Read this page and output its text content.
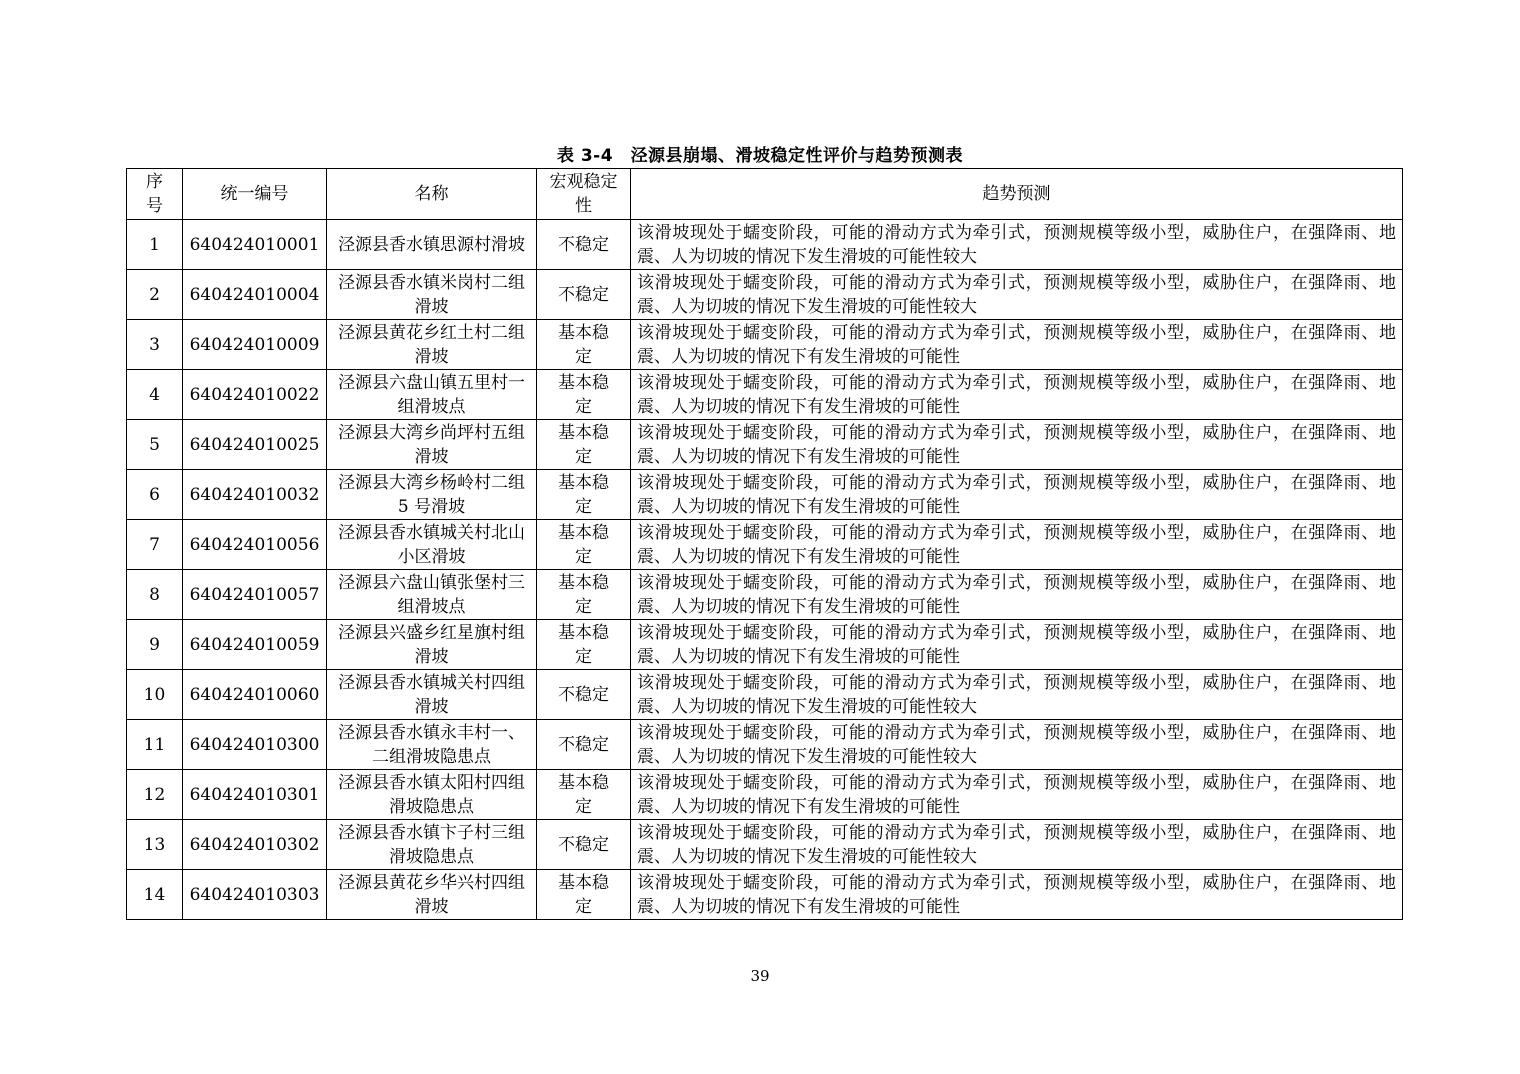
表 3-4　泾源县崩塌、滑坡稳定性评价与趋势预测表
序号	统一编号	名称	宏观稳定性	趋势预测
1	640424010001	泾源县香水镇思源村滑坡	不稳定	该滑坡现处于蠕变阶段，可能的滑动方式为牵引式，预测规模等级小型，威胁住户，在强降雨、地震、人为切坡的情况下发生滑坡的可能性较大
2	640424010004	泾源县香水镇米岗村二组滑坡	不稳定	该滑坡现处于蠕变阶段，可能的滑动方式为牵引式，预测规模等级小型，威胁住户，在强降雨、地震、人为切坡的情况下发生滑坡的可能性较大
3	640424010009	泾源县黄花乡红土村二组滑坡	基本稳定	该滑坡现处于蠕变阶段，可能的滑动方式为牵引式，预测规模等级小型，威胁住户，在强降雨、地震、人为切坡的情况下有发生滑坡的可能性
4	640424010022	泾源县六盘山镇五里村一组滑坡点	基本稳定	该滑坡现处于蠕变阶段，可能的滑动方式为牵引式，预测规模等级小型，威胁住户，在强降雨、地震、人为切坡的情况下有发生滑坡的可能性
5	640424010025	泾源县大湾乡尚坪村五组滑坡	基本稳定	该滑坡现处于蠕变阶段，可能的滑动方式为牵引式，预测规模等级小型，威胁住户，在强降雨、地震、人为切坡的情况下有发生滑坡的可能性
6	640424010032	泾源县大湾乡杨岭村二组 5 号滑坡	基本稳定	该滑坡现处于蠕变阶段，可能的滑动方式为牵引式，预测规模等级小型，威胁住户，在强降雨、地震、人为切坡的情况下有发生滑坡的可能性
7	640424010056	泾源县香水镇城关村北山小区滑坡	基本稳定	该滑坡现处于蠕变阶段，可能的滑动方式为牵引式，预测规模等级小型，威胁住户，在强降雨、地震、人为切坡的情况下有发生滑坡的可能性
8	640424010057	泾源县六盘山镇张堡村三组滑坡点	基本稳定	该滑坡现处于蠕变阶段，可能的滑动方式为牵引式，预测规模等级小型，威胁住户，在强降雨、地震、人为切坡的情况下有发生滑坡的可能性
9	640424010059	泾源县兴盛乡红星旗村组滑坡	基本稳定	该滑坡现处于蠕变阶段，可能的滑动方式为牵引式，预测规模等级小型，威胁住户，在强降雨、地震、人为切坡的情况下有发生滑坡的可能性
10	640424010060	泾源县香水镇城关村四组滑坡	不稳定	该滑坡现处于蠕变阶段，可能的滑动方式为牵引式，预测规模等级小型，威胁住户，在强降雨、地震、人为切坡的情况下发生滑坡的可能性较大
11	640424010300	泾源县香水镇永丰村一、二组滑坡隐患点	不稳定	该滑坡现处于蠕变阶段，可能的滑动方式为牵引式，预测规模等级小型，威胁住户，在强降雨、地震、人为切坡的情况下发生滑坡的可能性较大
12	640424010301	泾源县香水镇太阳村四组滑坡隐患点	基本稳定	该滑坡现处于蠕变阶段，可能的滑动方式为牵引式，预测规模等级小型，威胁住户，在强降雨、地震、人为切坡的情况下有发生滑坡的可能性
13	640424010302	泾源县香水镇卞子村三组滑坡隐患点	不稳定	该滑坡现处于蠕变阶段，可能的滑动方式为牵引式，预测规模等级小型，威胁住户，在强降雨、地震、人为切坡的情况下发生滑坡的可能性较大
14	640424010303	泾源县黄花乡华兴村四组滑坡	基本稳定	该滑坡现处于蠕变阶段，可能的滑动方式为牵引式，预测规模等级小型，威胁住户，在强降雨、地震、人为切坡的情况下有发生滑坡的可能性
39
